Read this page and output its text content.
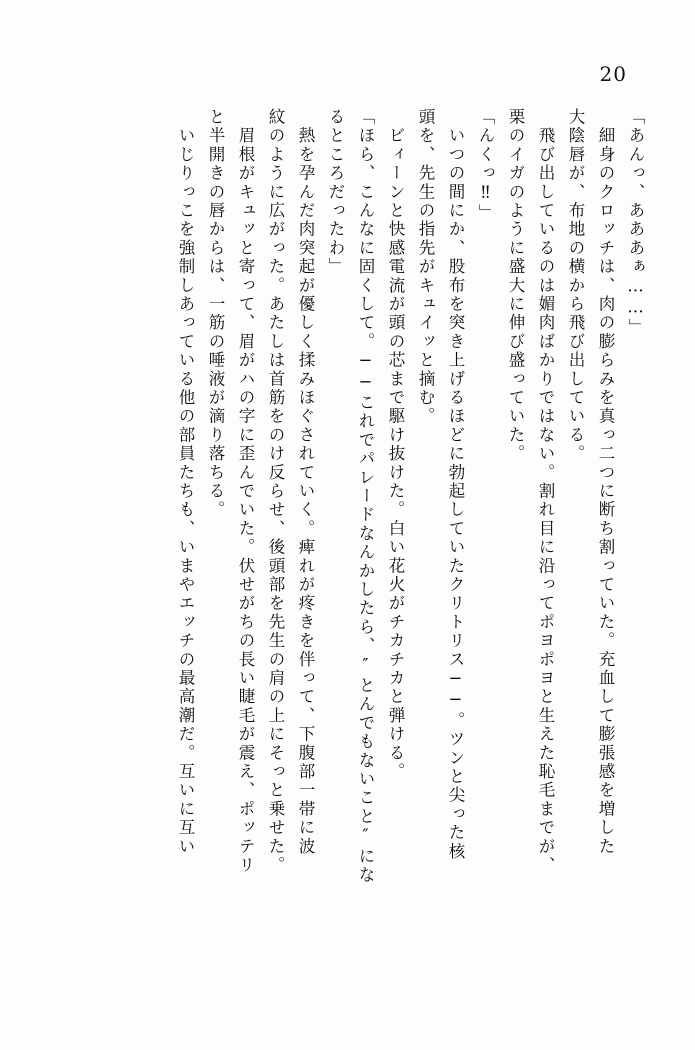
20
「あんっ、あああぁ……」
　細身のクロッチは、肉の膨らみを真っ二つに断ち割っていた。充血して膨張感を増した
大陰唇が、布地の横から飛び出している。
　飛び出しているのは媚肉ばかりではない。割れ目に沿ってポヨポヨと生えた恥毛までが、
栗のイガのように盛大に伸び盛っていた。
「んくっ‼」
　いつの間にか、股布を突き上げるほどに勃起していたクリトリス──。ツンと尖った核
頭を、先生の指先がキュイッと摘む。
　ビィーンと快感電流が頭の芯まで駆け抜けた。白い花火がチカチカと弾ける。
「ほら、こんなに固くして。──これでパレードなんかしたら、″とんでもないこと″にな
るところだったわ」
　熱を孕んだ肉突起が優しく揉みほぐされていく。痺れが疼きを伴って、下腹部一帯に波
紋のように広がった。あたしは首筋をのけ反らせ、後頭部を先生の肩の上にそっと乗せた。
　眉根がキュッと寄って、眉がハの字に歪んでいた。伏せがちの長い睫毛が震え、ポッテリ
と半開きの唇からは、一筋の唾液が滴り落ちる。
　いじりっこを強制しあっている他の部員たちも、いまやエッチの最高潮だ。互いに互い
